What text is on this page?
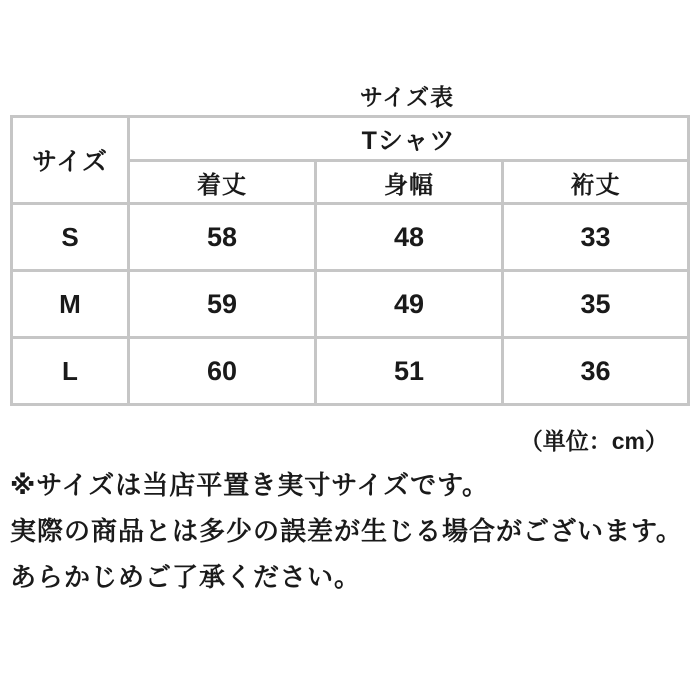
サイズ表
サイズ	Tシャツ		
	着丈	身幅	裄丈
S	58	48	33
M	59	49	35
L	60	51	36
（単位：cm）
※サイズは当店平置き実寸サイズです。
実際の商品とは多少の誤差が生じる場合がございます。
あらかじめご了承ください。
